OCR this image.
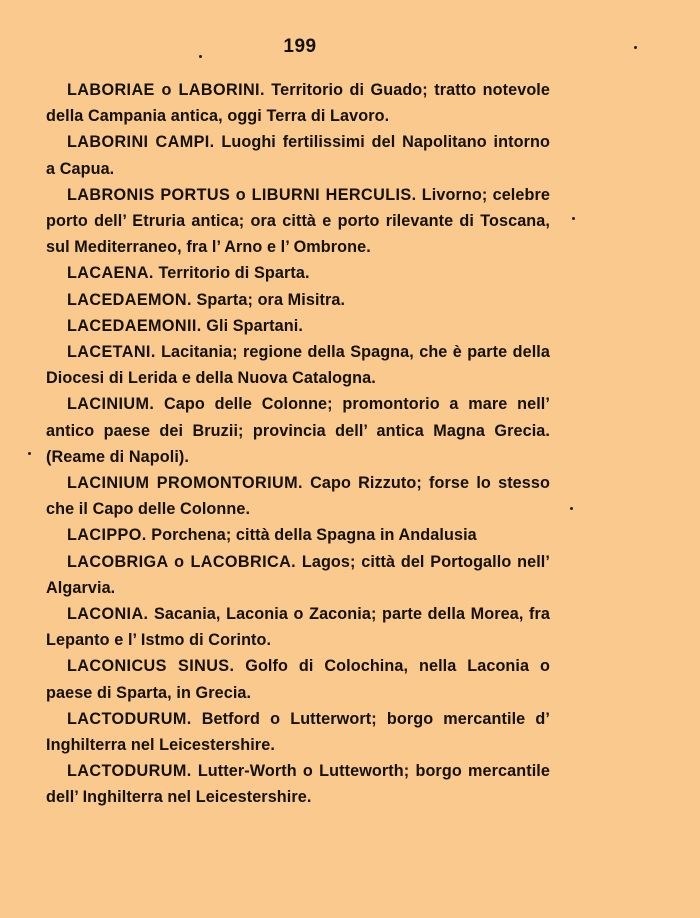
199

LABORIAE o LABORINI. Territorio di Guado; tratto notevole della Campania antica, oggi Terra di Lavoro.

LABORINI CAMPI. Luoghi fertilissimi del Napolitano intorno a Capua.

LABRONIS PORTUS o LIBURNI HERCULIS. Livorno; celebre porto dell’ Etruria antica; ora città e porto rilevante di Toscana, sul Mediterraneo, fra l’ Arno e l’ Ombrone.

LACAENA. Territorio di Sparta.

LACEDAEMON. Sparta; ora Misitra.

LACEDAEMONII. Gli Spartani.

LACETANI. Lacitania; regione della Spagna, che è parte della Diocesi di Lerida e della Nuova Catalogna.

LACINIUM. Capo delle Colonne; promontorio a mare nell’ antico paese dei Bruzii; provincia dell’ antica Magna Grecia. (Reame di Napoli).

LACINIUM PROMONTORIUM. Capo Rizzuto; forse lo stesso che il Capo delle Colonne.

LACIPPO. Porchena; città della Spagna in Andalusia

LACOBRIGA o LACOBRICA. Lagos; città del Portogallo nell’ Algarvia.

LACONIA. Sacania, Laconia o Zaconia; parte della Morea, fra Lepanto e l’ Istmo di Corinto.

LACONICUS SINUS. Golfo di Colochina, nella Laconia o paese di Sparta, in Grecia.

LACTODURUM. Betford o Lutterwort; borgo mercantile d’ Inghilterra nel Leicestershire.

LACTODURUM. Lutter-Worth o Lutteworth; borgo mercantile dell’ Inghilterra nel Leicestershire.
